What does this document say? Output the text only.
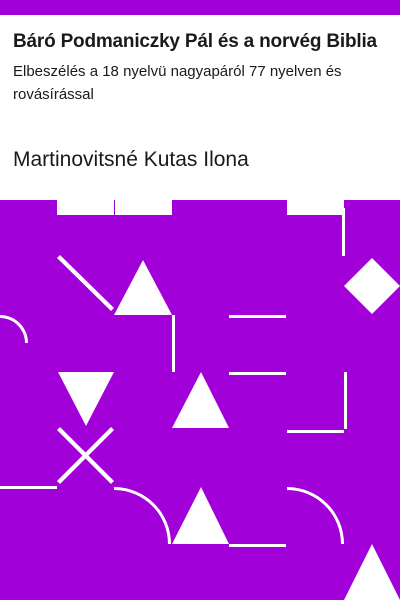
Báró Podmaniczky Pál és a norvég Biblia

Elbeszélés a 18 nyelvü nagyapáról 77 nyelven és rovásírással

Martinovitsné Kutas Ilona
